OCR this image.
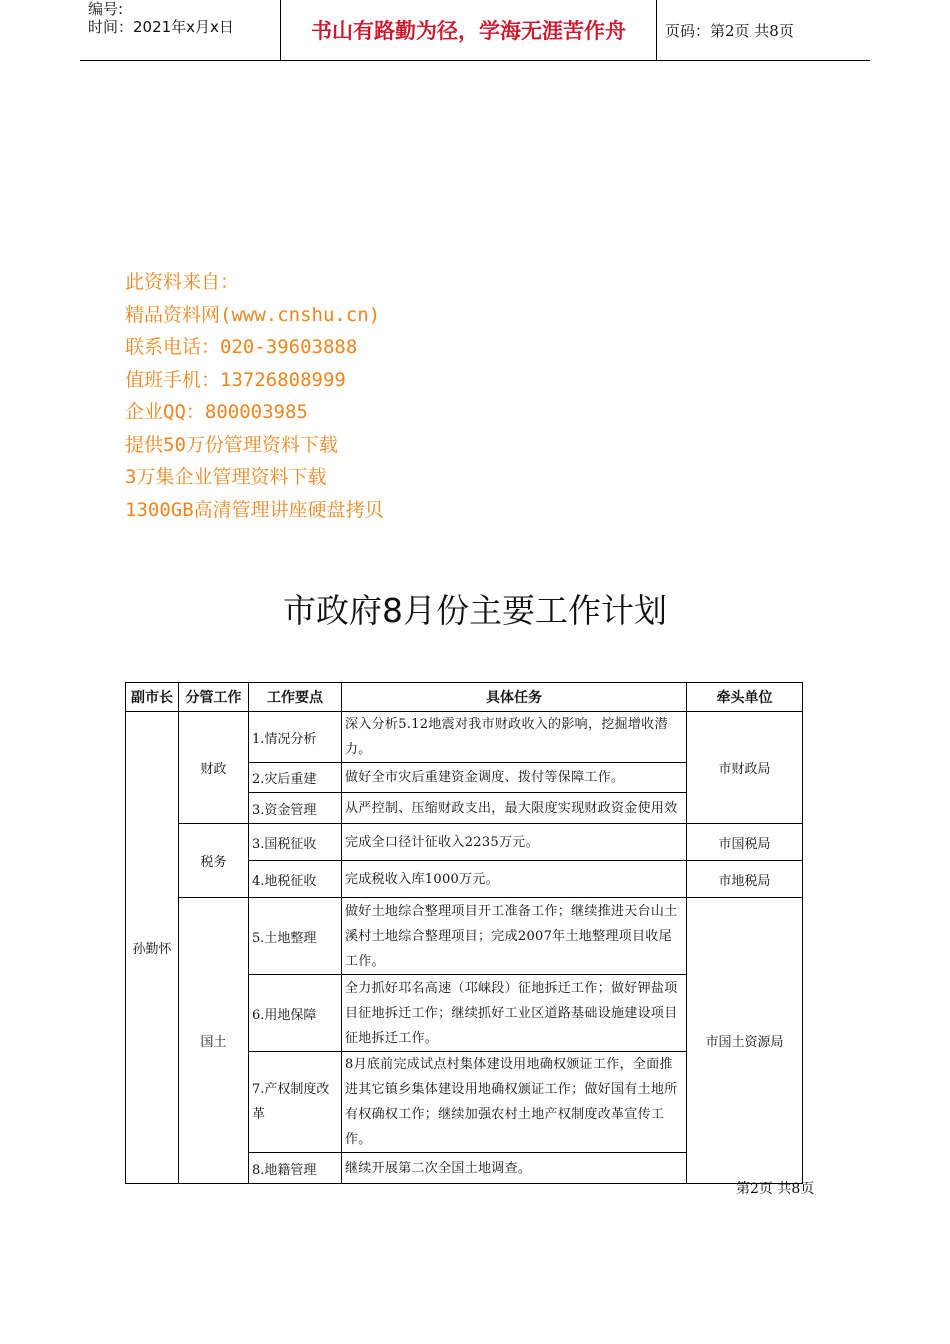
编号:
时间：2021年x月x日	书山有路勤为径，学海无涯苦作舟	页码：第2页 共8页
此资料来自：
精品资料网(www.cnshu.cn)
联系电话：020-39603888
值班手机：13726808999
企业QQ：800003985
提供50万份管理资料下载
3万集企业管理资料下载
1300GB高清管理讲座硬盘拷贝
市政府8月份主要工作计划
副市长	分管工作	工作要点	具体任务	牵头单位
孙勤怀	财政	1.情况分析	深入分析5.12地震对我市财政收入的影响，挖掘增收潜力。	市财政局
		2.灾后重建	做好全市灾后重建资金调度、拨付等保障工作。	
		3.资金管理	从严控制、压缩财政支出，最大限度实现财政资金使用效	
	税务	3.国税征收	完成全口径计征收入2235万元。	市国税局
		4.地税征收	完成税收入库1000万元。	市地税局
	国土	5.土地整理	做好土地综合整理项目开工准备工作；继续推进天台山土溪村土地综合整理项目；完成2007年土地整理项目收尾工作。	市国土资源局
		6.用地保障	全力抓好邛名高速（邛崃段）征地拆迁工作；做好钾盐项目征地拆迁工作；继续抓好工业区道路基础设施建设项目征地拆迁工作。	
		7.产权制度改革	8月底前完成试点村集体建设用地确权颁证工作，全面推进其它镇乡集体建设用地确权颁证工作；做好国有土地所有权确权工作；继续加强农村土地产权制度改革宣传工作。	
		8.地籍管理	继续开展第二次全国土地调查。	
第2页 共8页
